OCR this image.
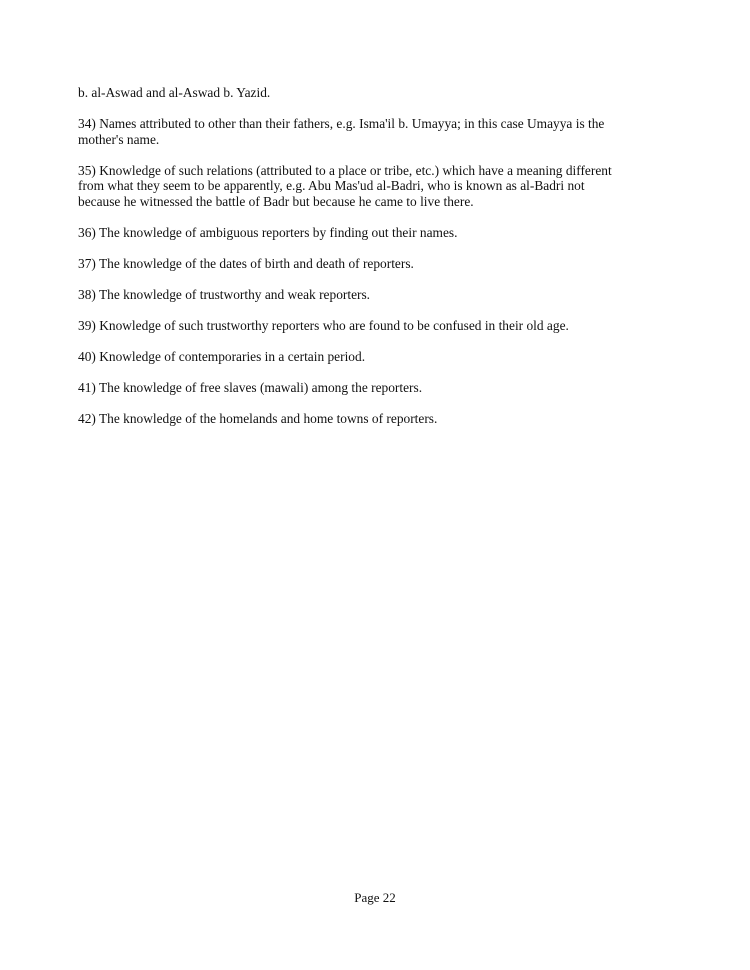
b. al-Aswad and al-Aswad b. Yazid.

34) Names attributed to other than their fathers, e.g. Isma'il b. Umayya; in this case Umayya is the
mother's name.

35) Knowledge of such relations (attributed to a place or tribe, etc.) which have a meaning different
from what they seem to be apparently, e.g. Abu Mas'ud al-Badri, who is known as al-Badri not
because he witnessed the battle of Badr but because he came to live there.

36) The knowledge of ambiguous reporters by finding out their names.

37) The knowledge of the dates of birth and death of reporters.

38) The knowledge of trustworthy and weak reporters.

39) Knowledge of such trustworthy reporters who are found to be confused in their old age.

40) Knowledge of contemporaries in a certain period.

41) The knowledge of free slaves (mawali) among the reporters.

42) The knowledge of the homelands and home towns of reporters.

Page 22
